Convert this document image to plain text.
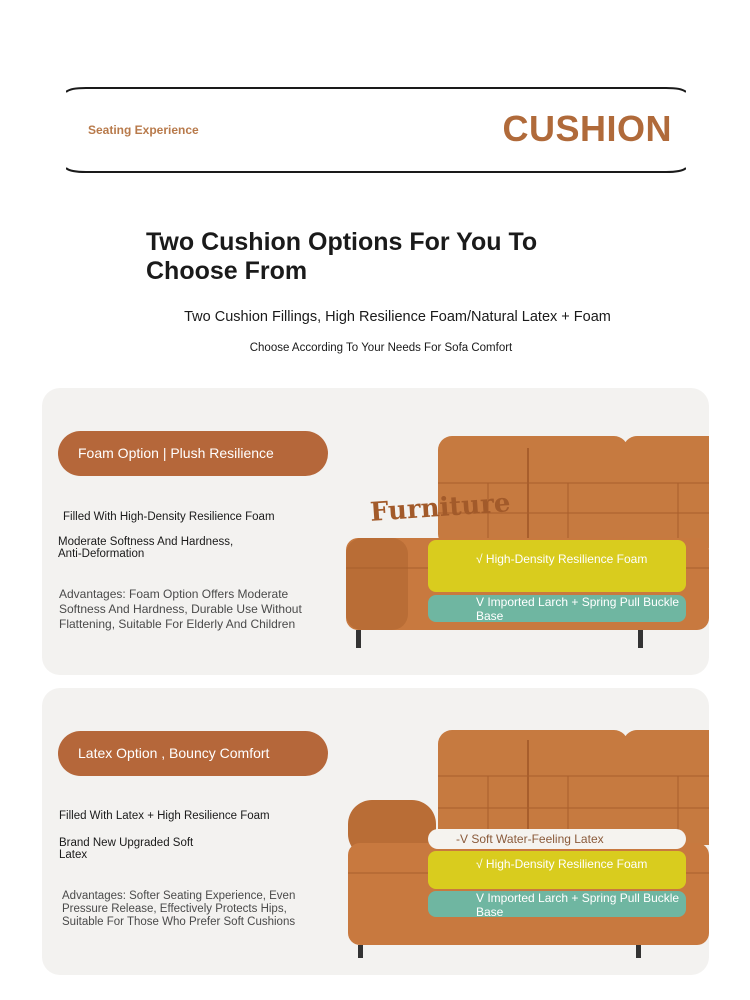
Seating Experience	CUSHION
Two Cushion Options For You To Choose From
Two Cushion Fillings, High Resilience Foam/Natural Latex + Foam
Choose According To Your Needs For Sofa Comfort
Foam Option | Plush Resilience
Filled With High-Density Resilience Foam
Moderate Softness And Hardness,
Anti-Deformation
Advantages: Foam Option Offers Moderate Softness And Hardness, Durable Use Without Flattening, Suitable For Elderly And Children
Furniture
√ High-Density Resilience Foam
V Imported Larch + Spring Pull Buckle Base
Latex Option , Bouncy Comfort
Filled With Latex + High Resilience Foam
Brand New Upgraded Soft
Latex
Advantages: Softer Seating Experience, Even Pressure Release, Effectively Protects Hips, Suitable For Those Who Prefer Soft Cushions
-V Soft Water-Feeling Latex
√ High-Density Resilience Foam
V Imported Larch + Spring Pull Buckle Base
